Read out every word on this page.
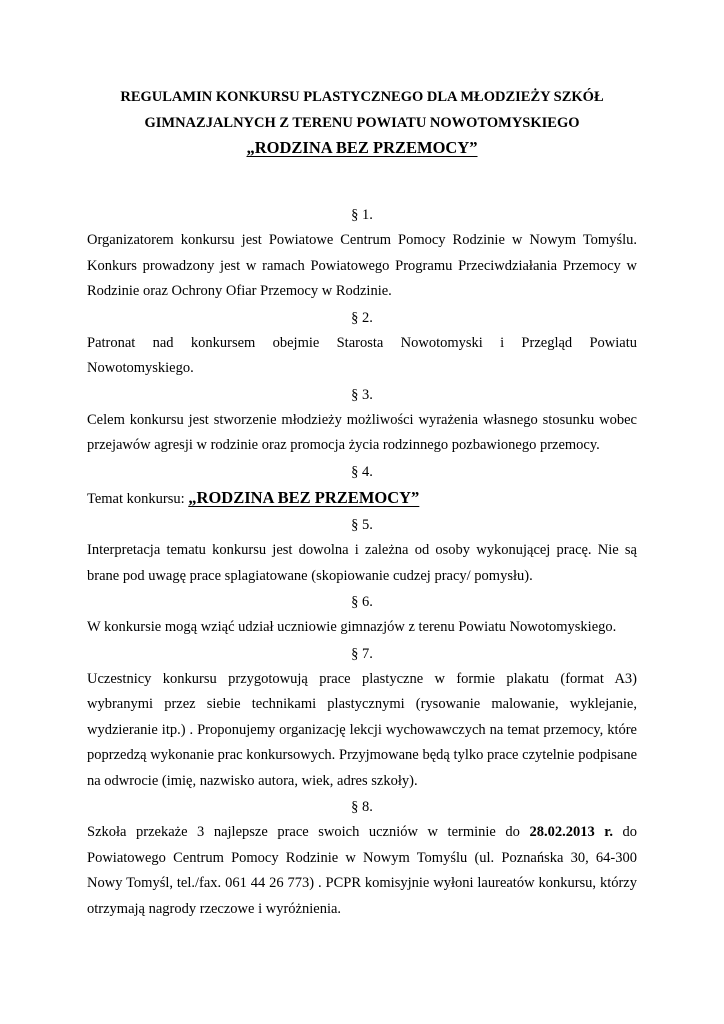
REGULAMIN KONKURSU PLASTYCZNEGO DLA MŁODZIEŻY SZKÓŁ

GIMNAZJALNYCH Z TERENU POWIATU NOWOTOMYSKIEGO

„RODZINA BEZ PRZEMOCY”

§ 1.

Organizatorem konkursu jest Powiatowe Centrum Pomocy Rodzinie w Nowym Tomyślu. Konkurs prowadzony jest w ramach Powiatowego Programu Przeciwdziałania Przemocy w Rodzinie oraz Ochrony Ofiar Przemocy w Rodzinie.

§ 2.

Patronat nad konkursem obejmie Starosta Nowotomyski i Przegląd Powiatu Nowotomyskiego.

§ 3.

Celem konkursu jest stworzenie młodzieży możliwości wyrażenia własnego stosunku wobec przejawów agresji w rodzinie oraz promocja życia rodzinnego pozbawionego przemocy.

§ 4.

Temat konkursu: „RODZINA BEZ PRZEMOCY”

§ 5.

Interpretacja tematu konkursu jest dowolna i zależna od osoby wykonującej pracę. Nie są brane pod uwagę prace splagiatowane (skopiowanie cudzej pracy/ pomysłu).

§ 6.

W konkursie mogą wziąć udział uczniowie gimnazjów z terenu Powiatu Nowotomyskiego.

§ 7.

Uczestnicy konkursu przygotowują prace plastyczne w formie plakatu (format A3) wybranymi przez siebie technikami plastycznymi (rysowanie malowanie, wyklejanie, wydzieranie itp.) . Proponujemy organizację lekcji wychowawczych na temat przemocy, które poprzedzą wykonanie prac konkursowych. Przyjmowane będą tylko prace czytelnie podpisane na odwrocie (imię, nazwisko autora, wiek, adres szkoły).

§ 8.

Szkoła przekaże 3 najlepsze prace swoich uczniów w terminie do 28.02.2013 r. do Powiatowego Centrum Pomocy Rodzinie w Nowym Tomyślu (ul. Poznańska 30, 64-300 Nowy Tomyśl, tel./fax. 061 44 26 773) . PCPR komisyjnie wyłoni laureatów konkursu, którzy otrzymają nagrody rzeczowe i wyróżnienia.
